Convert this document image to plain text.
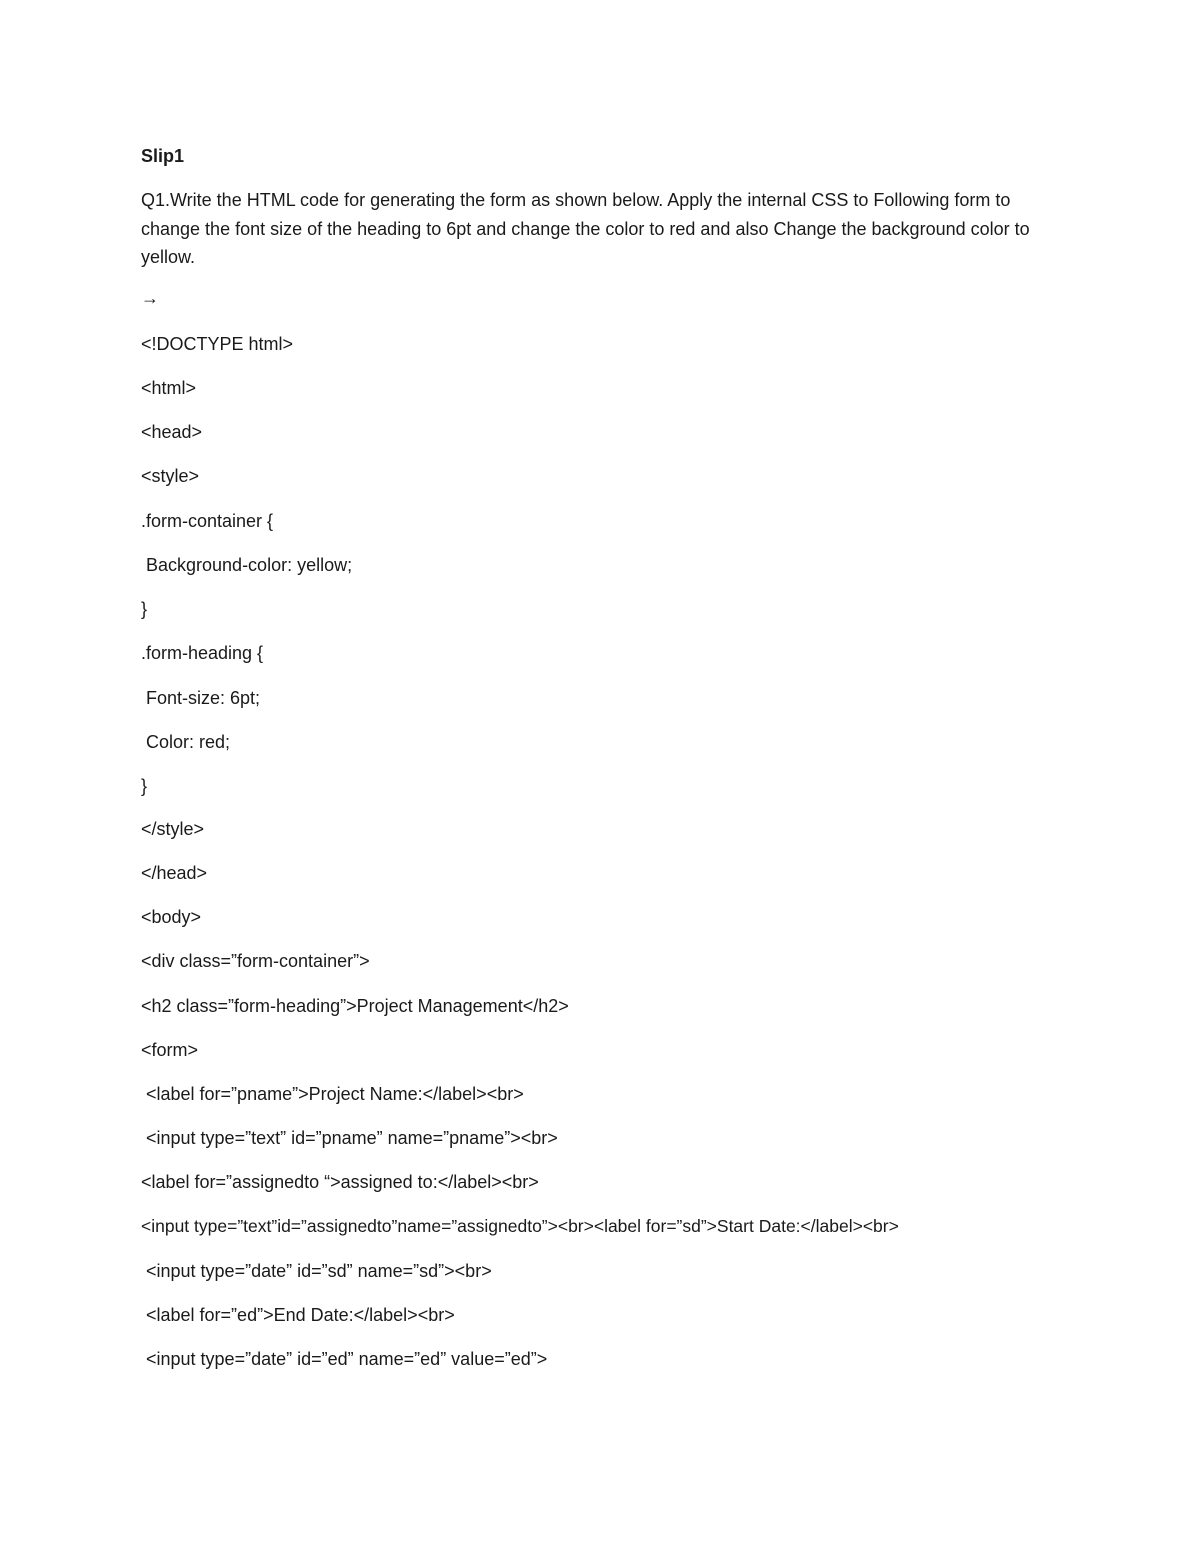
Slip1
Q1.Write the HTML code for generating the form as shown below. Apply the internal CSS to Following form to change the font size of the heading to 6pt and change the color to red and also Change the background color to yellow.
→
<!DOCTYPE html>
<html>
<head>
<style>
.form-container {
Background-color: yellow;
}
.form-heading {
Font-size: 6pt;
Color: red;
}
</style>
</head>
<body>
<div class=”form-container”>
<h2 class=”form-heading”>Project Management</h2>
<form>
<label for=”pname”>Project Name:</label><br>
<input type=”text” id=”pname” name=”pname”><br>
<label for=”assignedto “>assigned to:</label><br>
<input type=”text”id=”assignedto”name=”assignedto”><br><label for=”sd”>Start Date:</label><br>
<input type=”date” id=”sd” name=”sd”><br>
<label for=”ed”>End Date:</label><br>
<input type=”date” id=”ed” name=”ed” value=”ed”>
